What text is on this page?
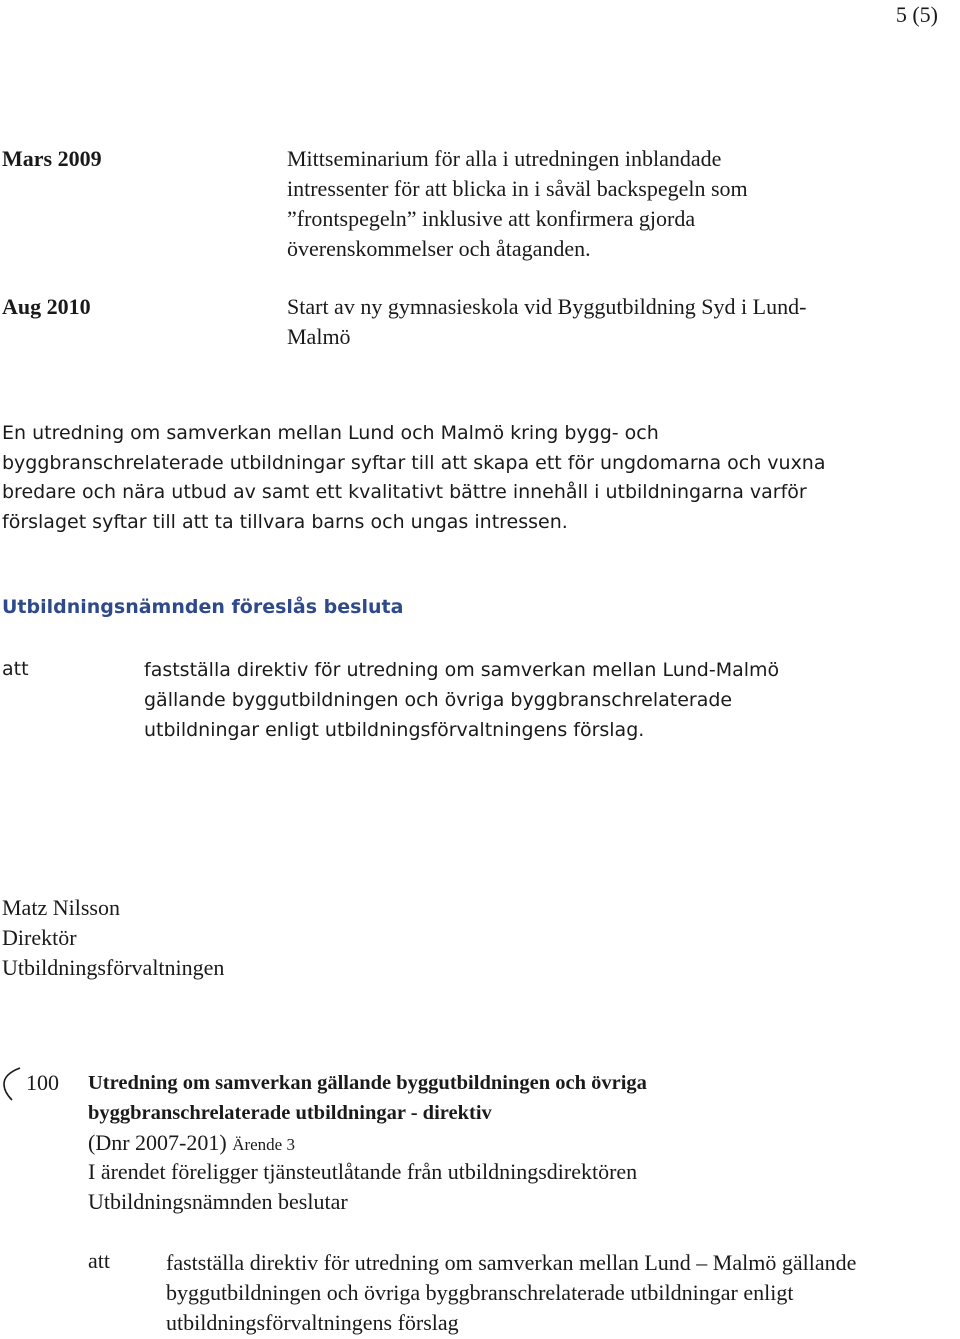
5 (5)
Mars 2009	Mittseminarium för alla i utredningen inblandade
intressenter för att blicka in i såväl backspegeln som
”frontspegeln” inklusive att konfirmera gjorda
överenskommelser och åtaganden.
Aug 2010	Start av ny gymnasieskola vid Byggutbildning Syd i Lund-
Malmö
En utredning om samverkan mellan Lund och Malmö kring bygg- och
byggbranschrelaterade utbildningar syftar till att skapa ett för ungdomarna och vuxna
bredare och nära utbud av samt ett kvalitativt bättre innehåll i utbildningarna varför
förslaget syftar till att ta tillvara barns och ungas intressen.
Utbildningsnämnden föreslås besluta
att	fastställa direktiv för utredning om samverkan mellan Lund-Malmö
gällande byggutbildningen och övriga byggbranschrelaterade
utbildningar enligt utbildningsförvaltningens förslag.
Matz Nilsson
Direktör
Utbildningsförvaltningen
100 Utredning om samverkan gällande byggutbildningen och övriga
byggbranschrelaterade utbildningar - direktiv
(Dnr 2007-201) Ärende 3
I ärendet föreligger tjänsteutlåtande från utbildningsdirektören
Utbildningsnämnden beslutar
att	fastställa direktiv för utredning om samverkan mellan Lund – Malmö gällande
byggutbildningen och övriga byggbranschrelaterade utbildningar enligt
utbildningsförvaltningens förslag
